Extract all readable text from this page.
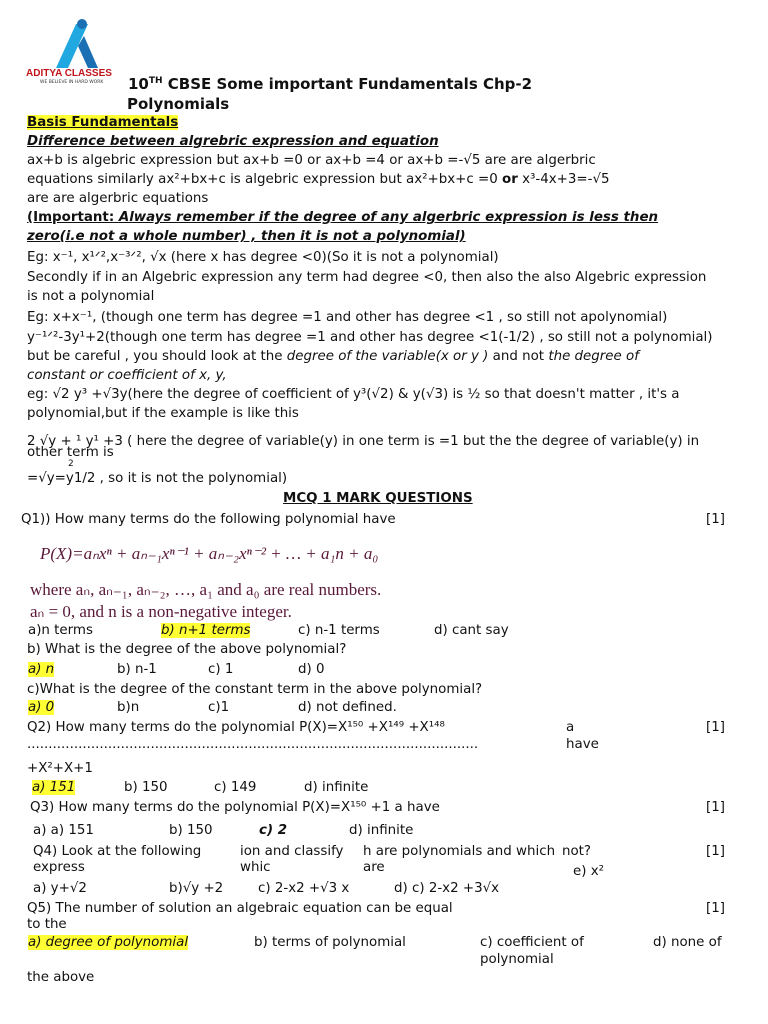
ADITYA CLASSES
WE BELIEVE IN HARD WORK 10TH CBSE Some important Fundamentals Chp-2
Polynomials
Basis Fundamentals
Difference between algrebric expression and equation
ax+b is algebric expression but ax+b =0 or ax+b =4 or ax+b =-√5 are are algerbric
equations similarly ax²+bx+c is algebric expression but ax²+bx+c =0 or x³-4x+3=-√5
are are algerbric equations
(Important: Always remember if the degree of any algerbric expression is less then
zero(i.e not a whole number) , then it is not a polynomial)
Eg: x⁻¹, x¹ᐟ²,x⁻³ᐟ², √x (here x has degree <0)(So it is not a polynomial)
Secondly if in an Algebric expression any term had degree <0, then also the also Algebric expression
is not a polynomial
Eg: x+x⁻¹, (though one term has degree =1 and other has degree <1 , so still not apolynomial)
y⁻¹ᐟ²-3y¹+2(though one term has degree =1 and other has degree <1(-1/2) , so still not a polynomial)
but be careful , you should look at the degree of the variable(x or y ) and not the degree of
constant or coefficient of x, y,
eg: √2 y³ +√3y(here the degree of coefficient of y³(√2) & y(√3) is ½ so that doesn't matter , it's a
polynomial,but if the example is like this
2 √y + ¹ y¹ +3 ( here the degree of variable(y) in one term is =1 but the the degree of variable(y) in
other term is
2
=√y=y1/2 , so it is not the polynomial)
MCQ 1 MARK QUESTIONS
Q1)) How many terms do the following polynomial have	[1]
P(X)=aₙxⁿ + aₙ₋₁xⁿ⁻¹ + aₙ₋₂xⁿ⁻² + … + a₁n + a₀
where aₙ, aₙ₋₁, aₙ₋₂, …, a₁ and a₀ are real numbers.
aₙ = 0, and n is a non-negative integer.
a)n terms	b) n+1 terms	c) n-1 terms	d) cant say
b) What is the degree of the above polynomial?
a) n	b) n-1	c) 1	d) 0
c)What is the degree of the constant term in the above polynomial?
a) 0	b)n	c)1	d) not defined.
Q2) How many terms do the polynomial P(X)=X¹⁵⁰ +X¹⁴⁹ +X¹⁴⁸	a	[1]
..........................................................................................................	have
+X²+X+1
a) 151	b) 150	c) 149	d) infinite
Q3) How many terms do the polynomial P(X)=X¹⁵⁰ +1 a have	[1]
a) a) 151	b) 150	c) 2	d) infinite
Q4) Look at the following
express
ion and classify
whic
h are polynomials and which
are
not?	[1]
e) x²
a) y+√2	b)√y +2	c) 2-x2 +√3 x	d) c) 2-x2 +3√x
Q5) The number of solution an algebraic equation can be equal
to the
[1]
a) degree of polynomial	b) terms of polynomial	c) coefficient of
polynomial
d) none of
the above
